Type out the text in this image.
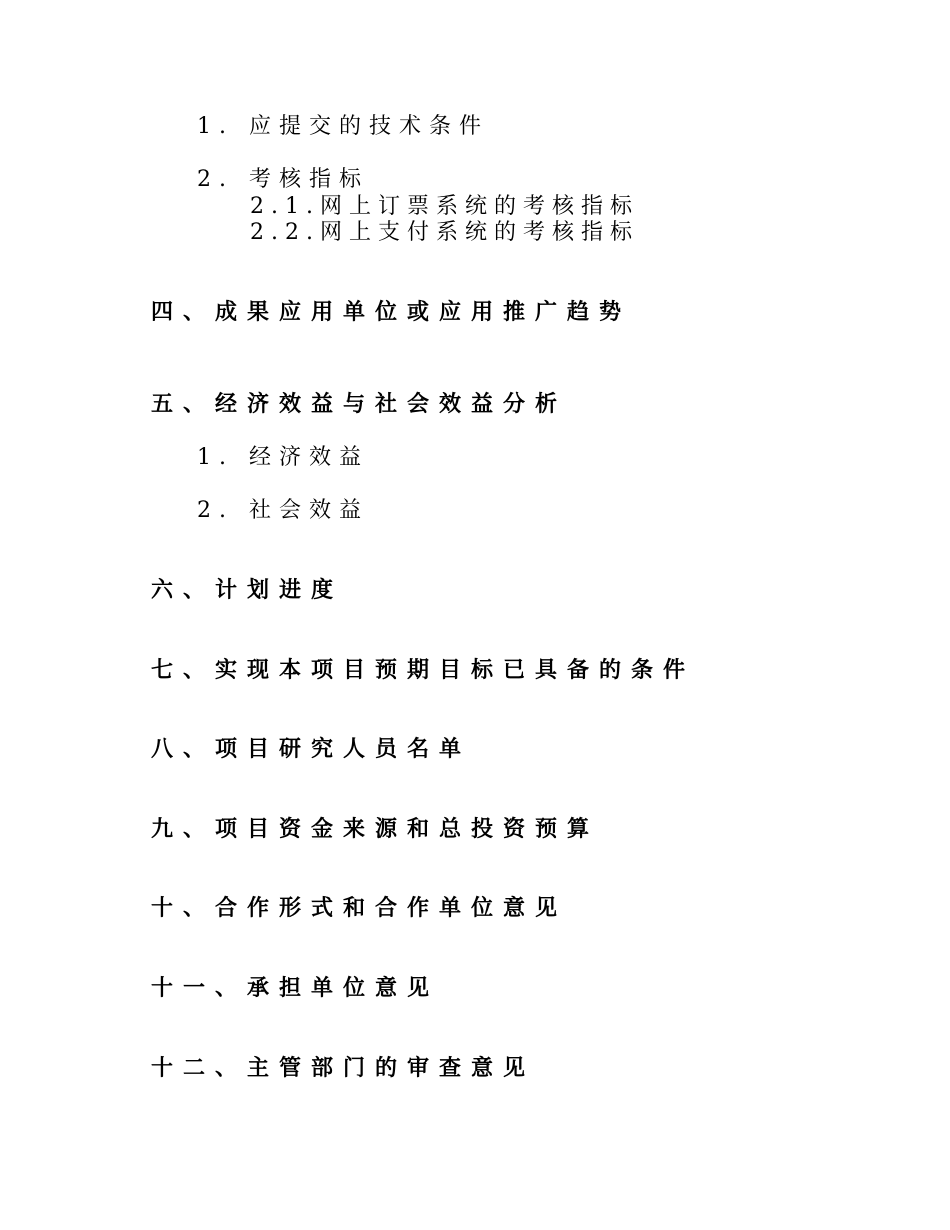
1. 应提交的技术条件
2. 考核指标
2.1.网上订票系统的考核指标
2.2.网上支付系统的考核指标
四、成果应用单位或应用推广趋势
五、经济效益与社会效益分析
1. 经济效益
2. 社会效益
六、计划进度
七、实现本项目预期目标已具备的条件
八、项目研究人员名单
九、项目资金来源和总投资预算
十、合作形式和合作单位意见
十一、承担单位意见
十二、主管部门的审查意见
